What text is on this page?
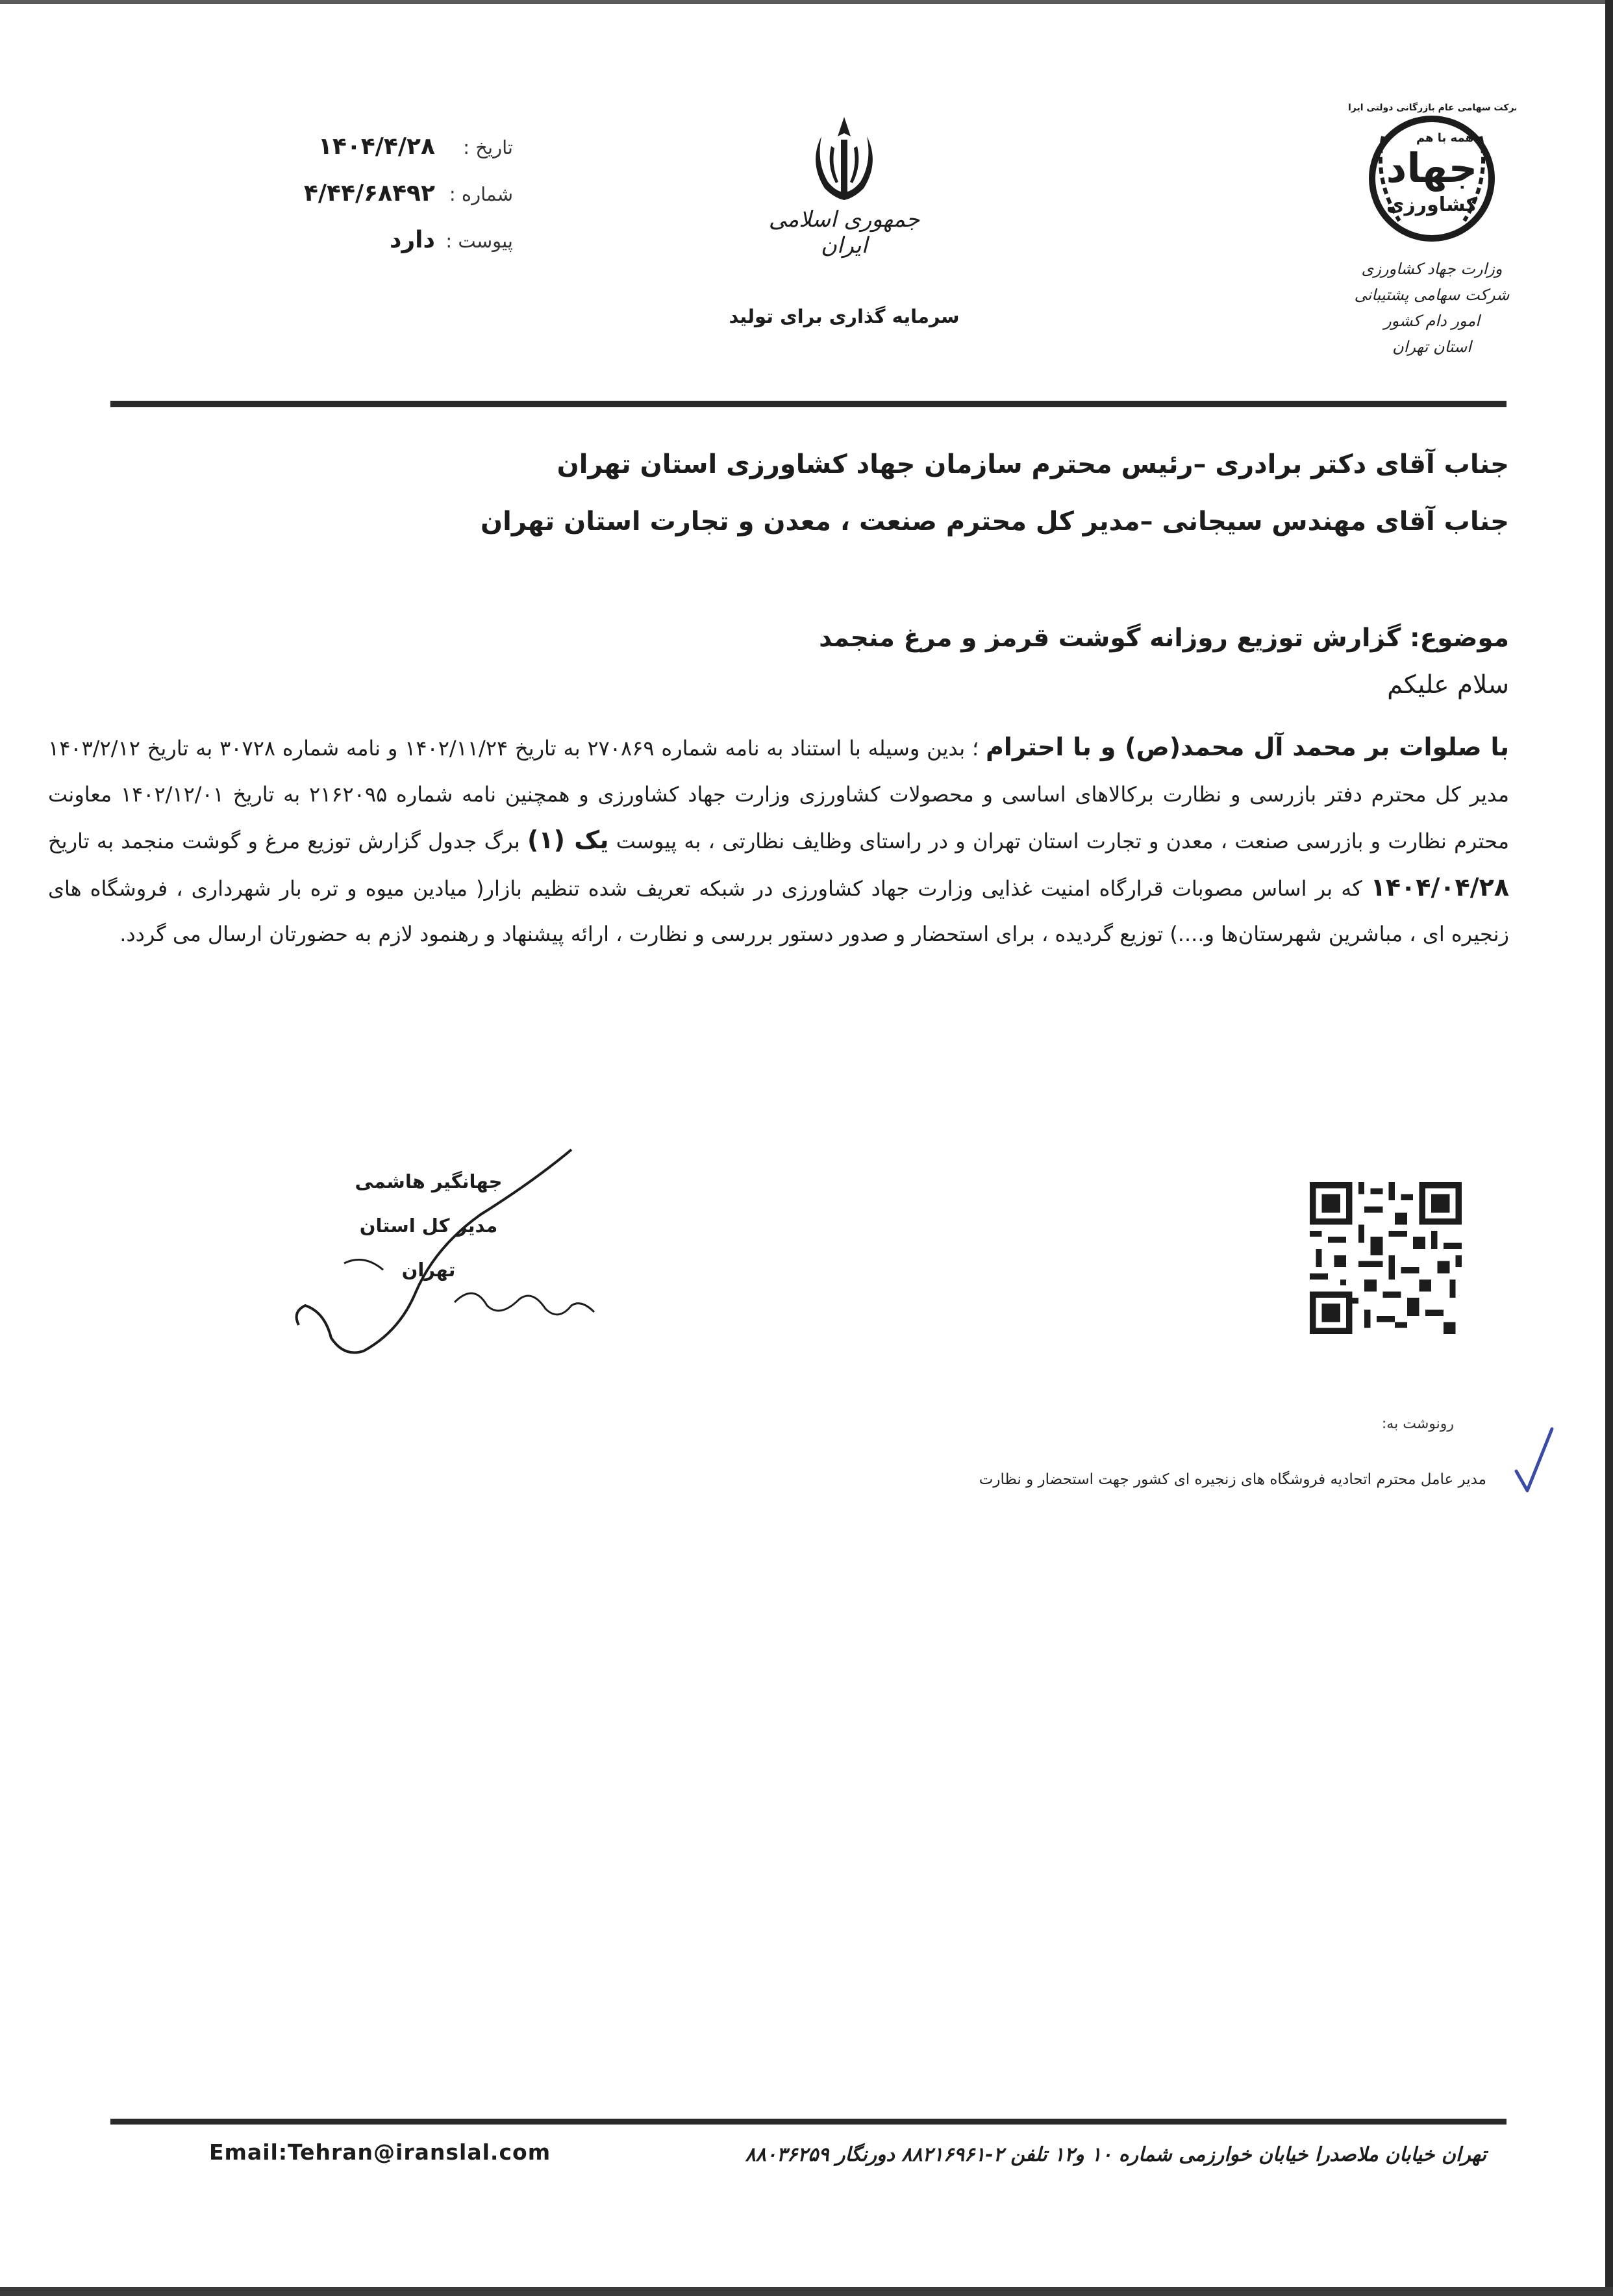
تاریخ :
۱۴۰۴/۴/۲۸
شماره :
۴/۴۴/۶۸۴۹۲
پیوست :
دارد
جمهوری اسلامی ایران
سرمایه گذاری برای تولید
شرکت سهامی عام بازرگانی دولتی ایران
همه با هم
جهاد
کشاورزی
وزارت جهاد کشاورزی
شرکت سهامی پشتیبانی امور دام کشور
استان تهران
جناب آقای دکتر برادری –رئیس محترم سازمان جهاد کشاورزی استان تهران
جناب آقای مهندس سیجانی –مدیر کل محترم صنعت ، معدن و تجارت استان تهران
موضوع: گزارش توزیع روزانه گوشت قرمز و مرغ منجمد
سلام علیکم
با صلوات بر محمد آل محمد(ص) و با احترام ؛ بدین وسیله با استناد به نامه شماره ۲۷۰۸۶۹ به تاریخ ۱۴۰۲/۱۱/۲۴ و نامه شماره ۳۰۷۲۸ به تاریخ ۱۴۰۳/۲/۱۲ مدیر کل محترم دفتر بازرسی و نظارت برکالاهای اساسی و محصولات کشاورزی وزارت جهاد کشاورزی و همچنین نامه شماره ۲۱۶۲۰۹۵ به تاریخ ۱۴۰۲/۱۲/۰۱ معاونت محترم نظارت و بازرسی صنعت ، معدن و تجارت استان تهران و در راستای وظایف نظارتی ، به پیوست یک (۱) برگ جدول گزارش توزیع مرغ و گوشت منجمد به تاریخ ۱۴۰۴/۰۴/۲۸ که بر اساس مصوبات قرارگاه امنیت غذایی وزارت جهاد کشاورزی در شبکه تعریف شده تنظیم بازار( میادین میوه و تره بار شهرداری ، فروشگاه های زنجیره ای ، مباشرین شهرستان‌ها و....) توزیع گردیده ، برای استحضار و صدور دستور بررسی و نظارت ، ارائه پیشنهاد و رهنمود لازم به حضورتان ارسال می گردد.
جهانگیر هاشمی
مدیر کل استان تهران
رونوشت به:
مدیر عامل محترم اتحادیه فروشگاه های زنجیره ای کشور جهت استحضار و نظارت
Email:Tehran@iranslal.com	تهران خیابان ملاصدرا خیابان خوارزمی شماره ۱۰ و۱۲ تلفن ۲-۸۸۲۱۶۹۶۱ دورنگار ۸۸۰۳۶۲۵۹
